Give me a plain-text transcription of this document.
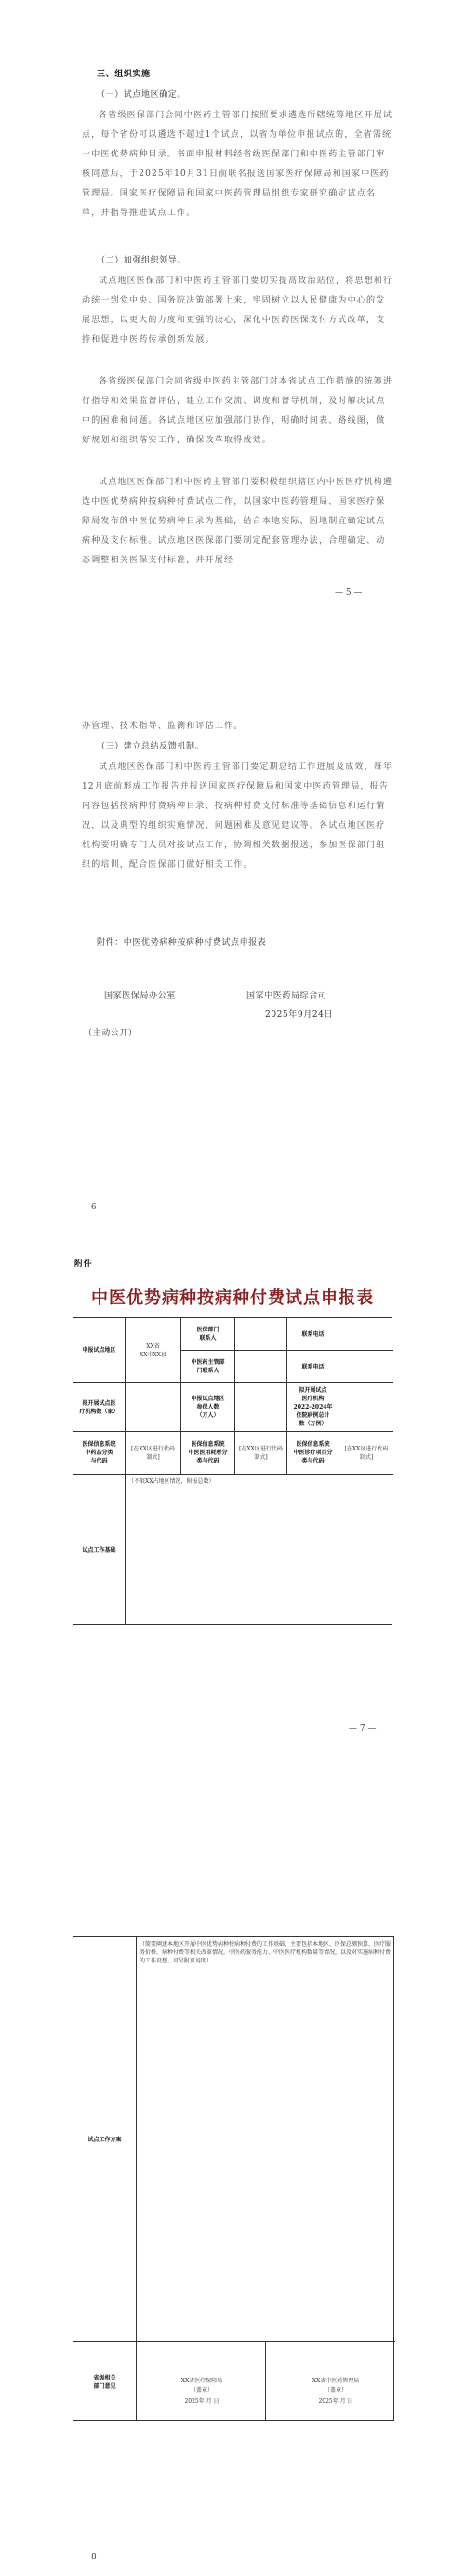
三、组织实施
（一）试点地区确定。
各省级医保部门会同中医药主管部门按照要求遴选所辖统筹地区开展试点，每个省份可以遴选不超过1个试点，以省为单位申报试点的，全省需统一中医优势病种目录。书面申报材料经省级医保部门和中医药主管部门审核同意后，于2025年10月31日前联名报送国家医疗保障局和国家中医药管理局。国家医疗保障局和国家中医药管理局组织专家研究确定试点名单，并指导推进试点工作。
（二）加强组织领导。
试点地区医保部门和中医药主管部门要切实提高政治站位，将思想和行动统一到党中央、国务院决策部署上来，牢固树立以人民健康为中心的发展思想，以更大的力度和更强的决心，深化中医药医保支付方式改革，支持和促进中医药传承创新发展。
各省级医保部门会同省级中医药主管部门对本省试点工作措施的统筹进行指导和效果监督评估，建立工作交流、调度和督导机制，及时解决试点中的困难和问题。各试点地区应加强部门协作，明确时间表、路线图，做好规划和组织落实工作，确保改革取得成效。
试点地区医保部门和中医药主管部门要积极组织辖区内中医医疗机构遴选中医优势病种按病种付费试点工作，以国家中医药管理局、国家医疗保障局发布的中医优势病种目录为基础，结合本地实际，因地制宜确定试点病种及支付标准。试点地区医保部门要制定配套管理办法，合理确定、动态调整相关医保支付标准，并开展经
— 5 —
办管理、技术指导、监测和评估工作。
（三）建立总结反馈机制。
试点地区医保部门和中医药主管部门要定期总结工作进展及成效，每年12月底前形成工作报告并报送国家医疗保障局和国家中医药管理局，报告内容包括按病种付费病种目录、按病种付费支付标准等基础信息和运行情况，以及典型的组织实施情况、问题困难及意见建议等。各试点地区医疗机构要明确专门人员对接试点工作，协调相关数据报送，参加医保部门组织的培训，配合医保部门做好相关工作。
附件：中医优势病种按病种付费试点申报表
国家医保局办公室	国家中医药局综合司
2025年9月24日
（主动公开）
— 6 —
附件
中医优势病种按病种付费试点申报表
申报试点地区
XX省
XX市XX县
医保部门
联系人
联系电话
中医药主管部
门联系人
联系电话
拟开展试点医
疗机构数（家）
申报试点地区
参保人数
（万人）
拟开展试点
医疗机构
2022-2024年
住院病例总计
数（万例）
医保信息系统
中药品分类
与代码
[在XX区进行代码
制式]
医保信息系统
中医医用耗材分
类与代码
[在XX区进行代码
制式]
医保信息系统
中医诊疗项目分
类与代码
[在XX区进行代码
制式]
试点工作基础
（不限XX占地区情况，附报总数）
— 7 —
试点工作方案
（简要阐述本地区开展中医优势病种按病种付费的工作基础，主要包括本地区、医保总额预算、医疗服务价格、病种付费等相关改革情况，中医药服务能力、中医医疗机构数量等情况，以及对实施病种付费的工作设想，可另附页说明）
省级相关
部门意见
XX省医疗保障局
（盖章）
2025年 月 日
XX省中医药管理局
（盖章）
2025年 月 日
8
